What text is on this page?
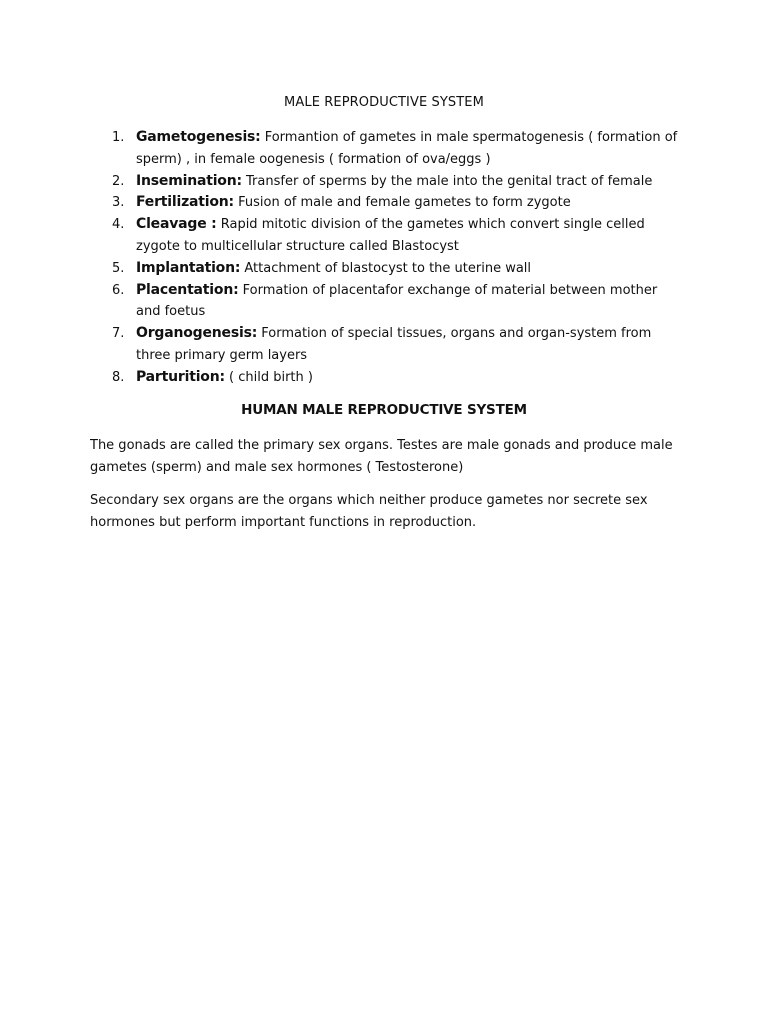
MALE REPRODUCTIVE SYSTEM
1. Gametogenesis: Formantion of gametes in male spermatogenesis ( formation of sperm) , in female oogenesis ( formation of ova/eggs )
2. Insemination: Transfer of sperms by the male into the genital tract of female
3. Fertilization: Fusion of male and female gametes to form zygote
4. Cleavage : Rapid mitotic division of the gametes which convert single celled zygote to multicellular structure called Blastocyst
5. Implantation: Attachment of blastocyst to the uterine wall
6. Placentation: Formation of placentafor exchange of material between mother and foetus
7. Organogenesis: Formation of special tissues, organs and organ-system from three primary germ layers
8. Parturition: ( child birth )
HUMAN MALE REPRODUCTIVE SYSTEM

The gonads are called the primary sex organs. Testes are male gonads and produce male gametes (sperm) and male sex hormones ( Testosterone)

Secondary sex organs are the organs which neither produce gametes nor secrete sex hormones but perform important functions in reproduction.
